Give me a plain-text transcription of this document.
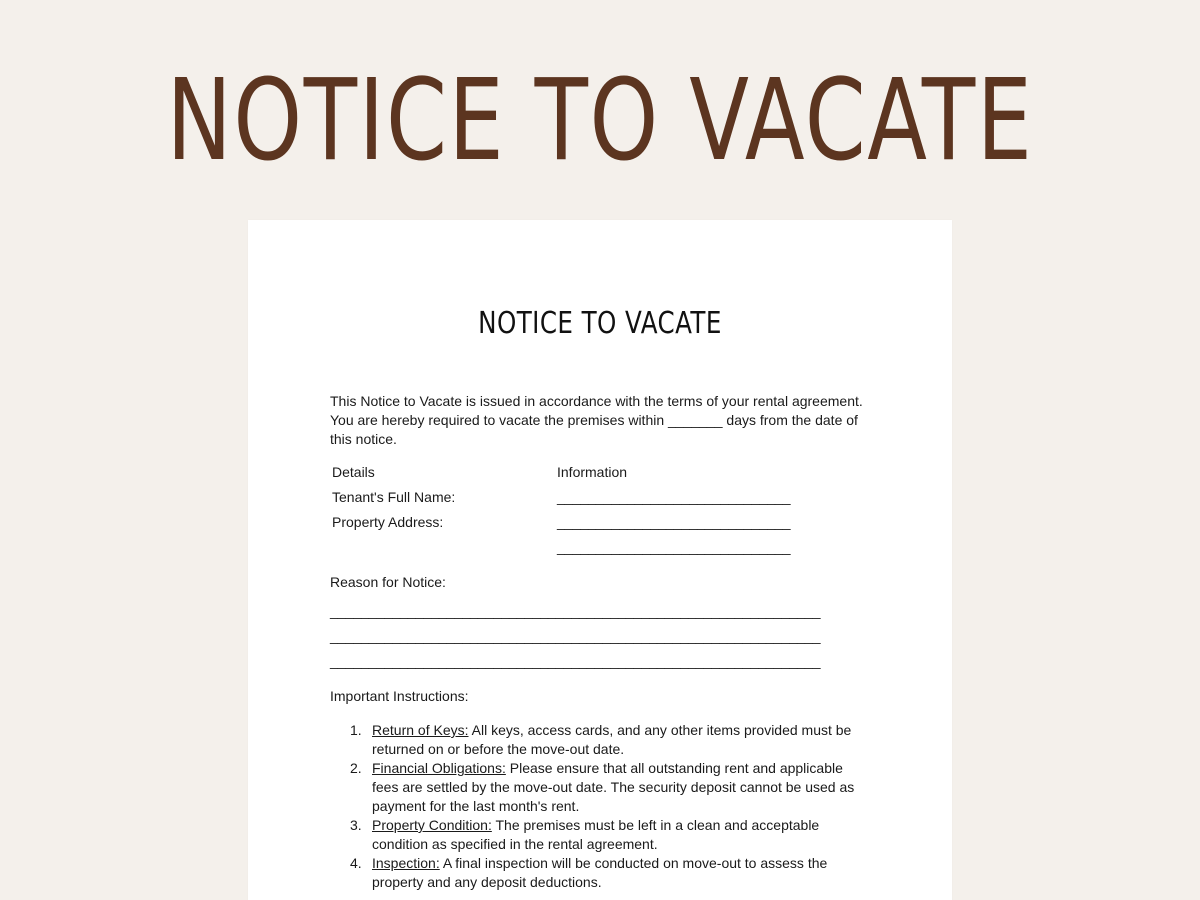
NOTICE TO VACATE
NOTICE TO VACATE

This Notice to Vacate is issued in accordance with the terms of your rental agreement. You are hereby required to vacate the premises within _______ days from the date of this notice.

Details	Information
Tenant's Full Name:	______________________________
Property Address:	______________________________
______________________________
Reason for Notice:
_______________________________________________________________
_______________________________________________________________
_______________________________________________________________
Important Instructions:
1. Return of Keys: All keys, access cards, and any other items provided must be returned on or before the move-out date.
2. Financial Obligations: Please ensure that all outstanding rent and applicable fees are settled by the move-out date. The security deposit cannot be used as payment for the last month's rent.
3. Property Condition: The premises must be left in a clean and acceptable condition as specified in the rental agreement.
4. Inspection: A final inspection will be conducted on move-out to assess the property and any deposit deductions.
